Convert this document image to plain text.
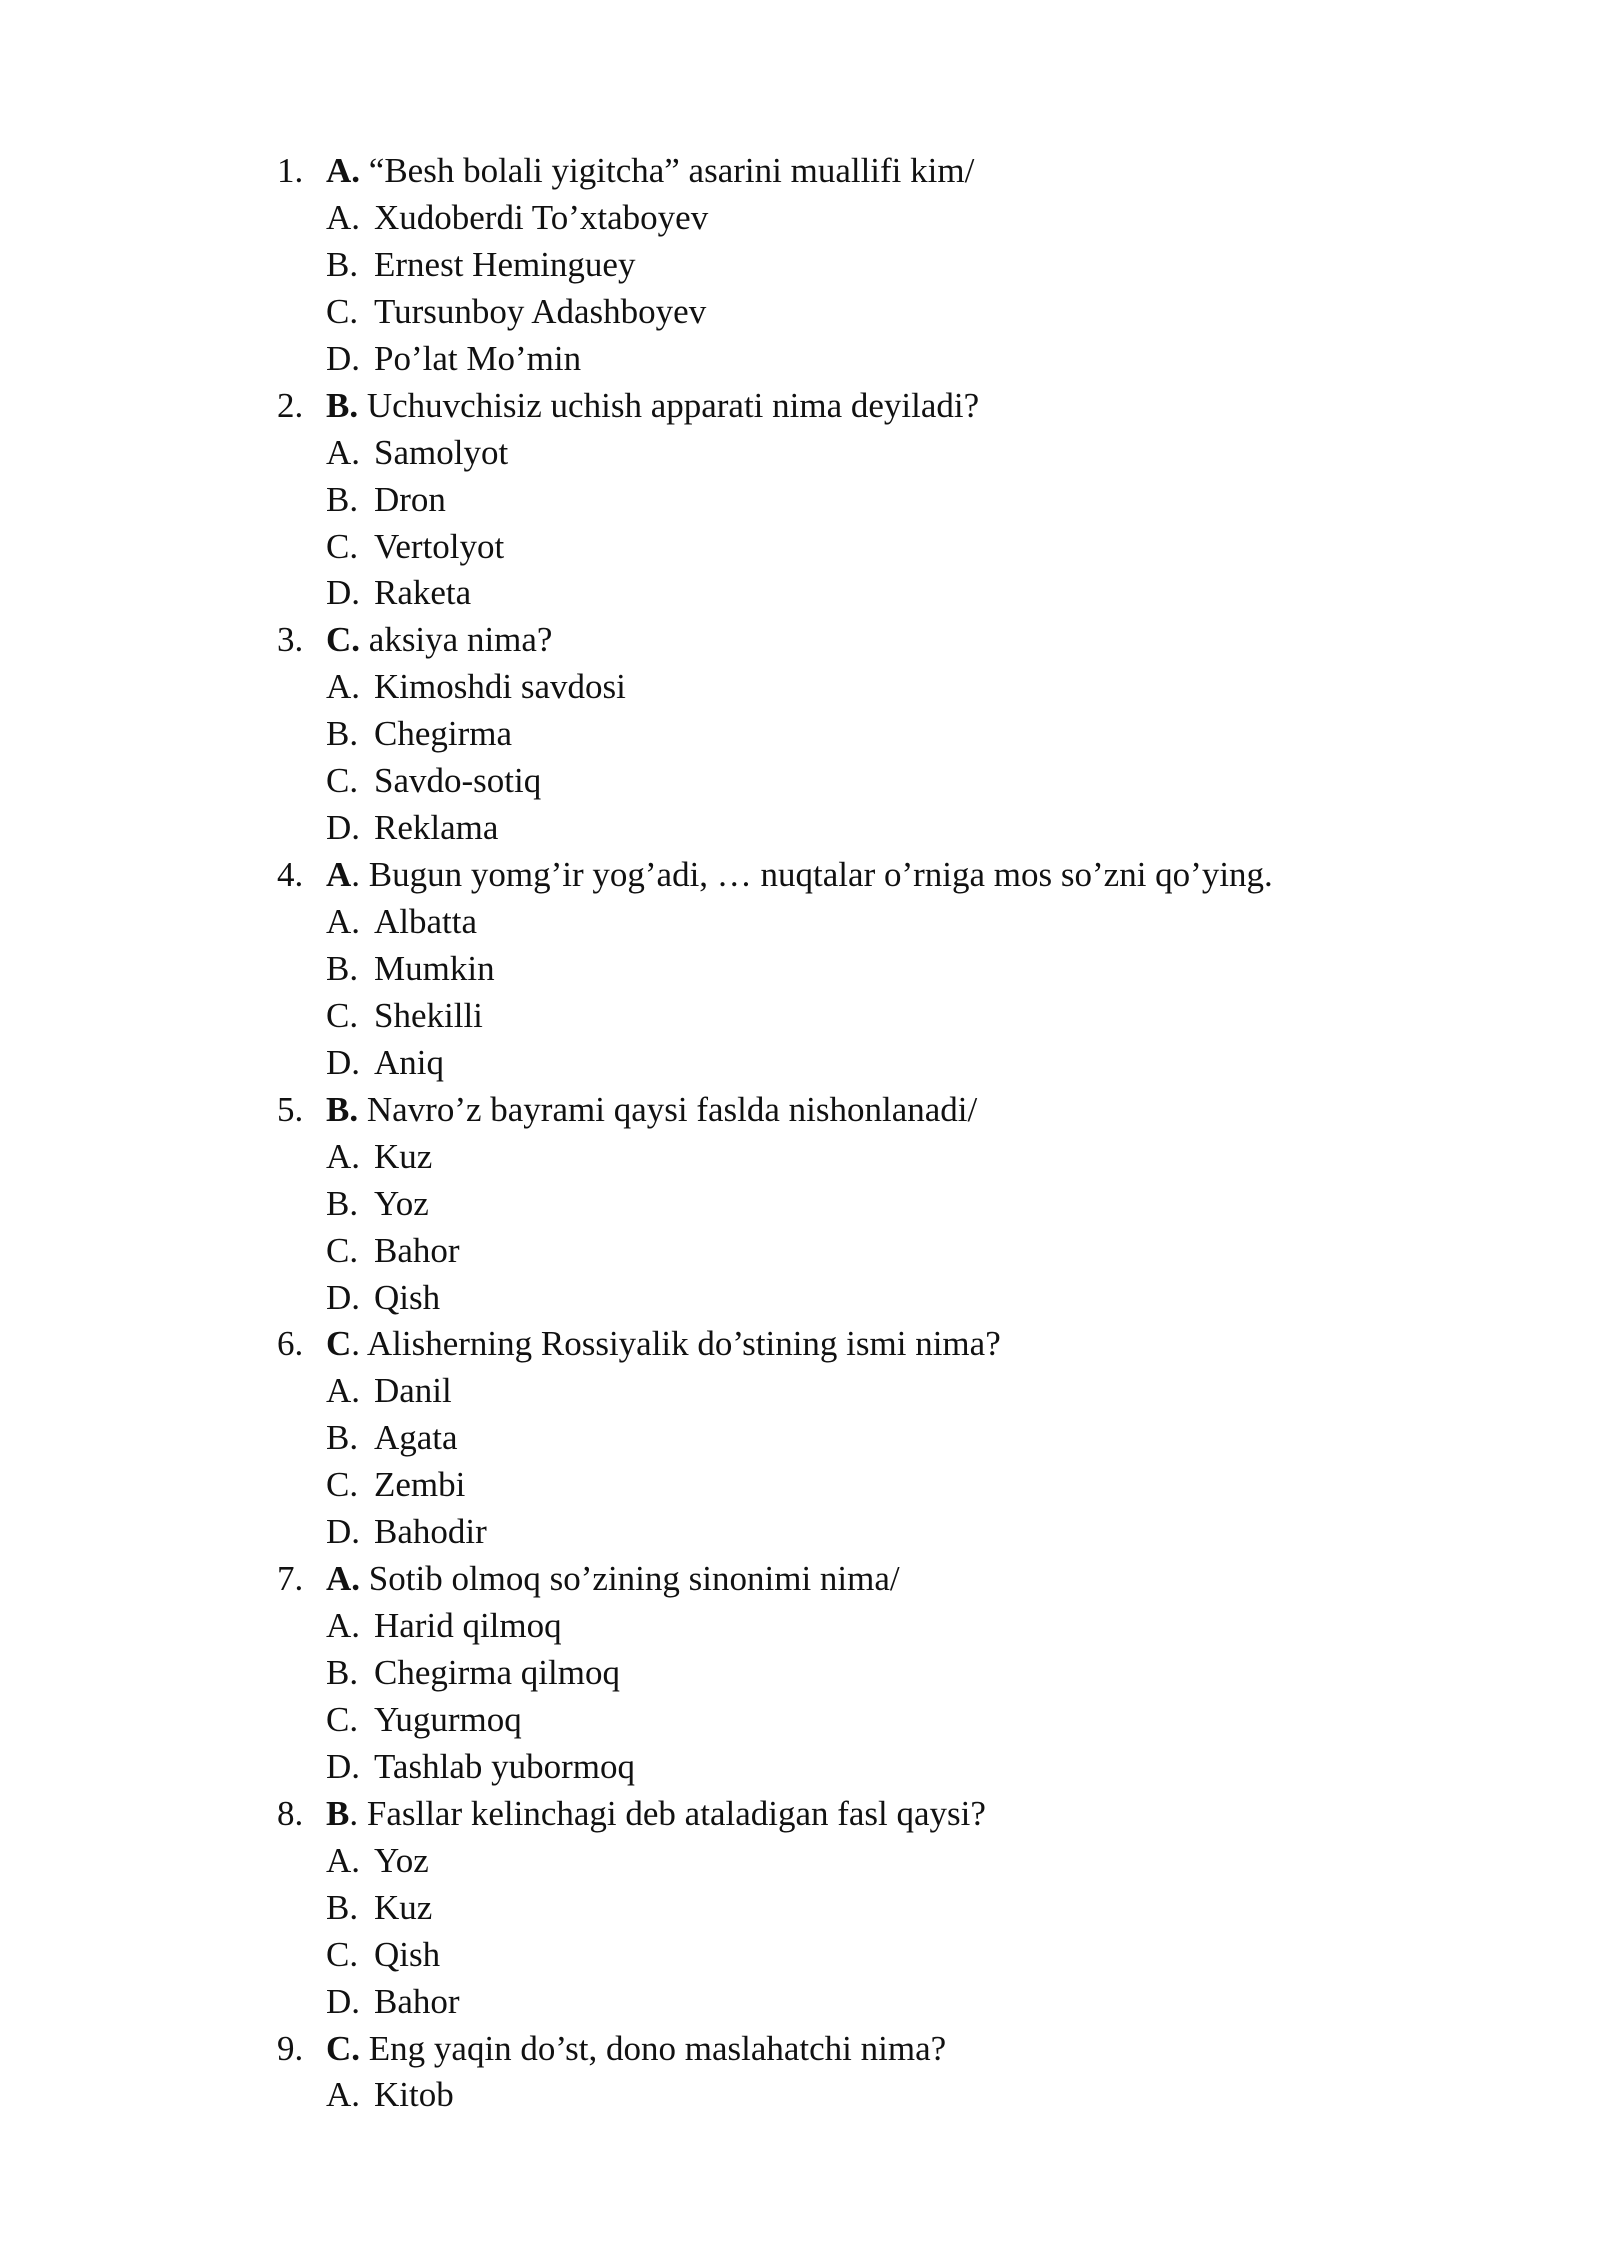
1. A. “Besh bolali yigitcha” asarini muallifi kim/
A. Xudoberdi To’xtaboyev
B. Ernest Heminguey
C. Tursunboy Adashboyev
D. Po’lat Mo’min
2. B. Uchuvchisiz uchish apparati nima deyiladi?
A. Samolyot
B. Dron
C. Vertolyot
D. Raketa
3. C. aksiya nima?
A. Kimoshdi savdosi
B. Chegirma
C. Savdo-sotiq
D. Reklama
4. A. Bugun yomg’ir yog’adi, … nuqtalar o’rniga mos so’zni qo’ying.
A. Albatta
B. Mumkin
C. Shekilli
D. Aniq
5. B. Navro’z bayrami qaysi faslda nishonlanadi/
A. Kuz
B. Yoz
C. Bahor
D. Qish
6. C. Alisherning Rossiyalik do’stining ismi nima?
A. Danil
B. Agata
C. Zembi
D. Bahodir
7. A. Sotib olmoq so’zining sinonimi nima/
A. Harid qilmoq
B. Chegirma qilmoq
C. Yugurmoq
D. Tashlab yubormoq
8. B. Fasllar kelinchagi deb ataladigan fasl qaysi?
A. Yoz
B. Kuz
C. Qish
D. Bahor
9. C. Eng yaqin do’st, dono maslahatchi nima?
A. Kitob
